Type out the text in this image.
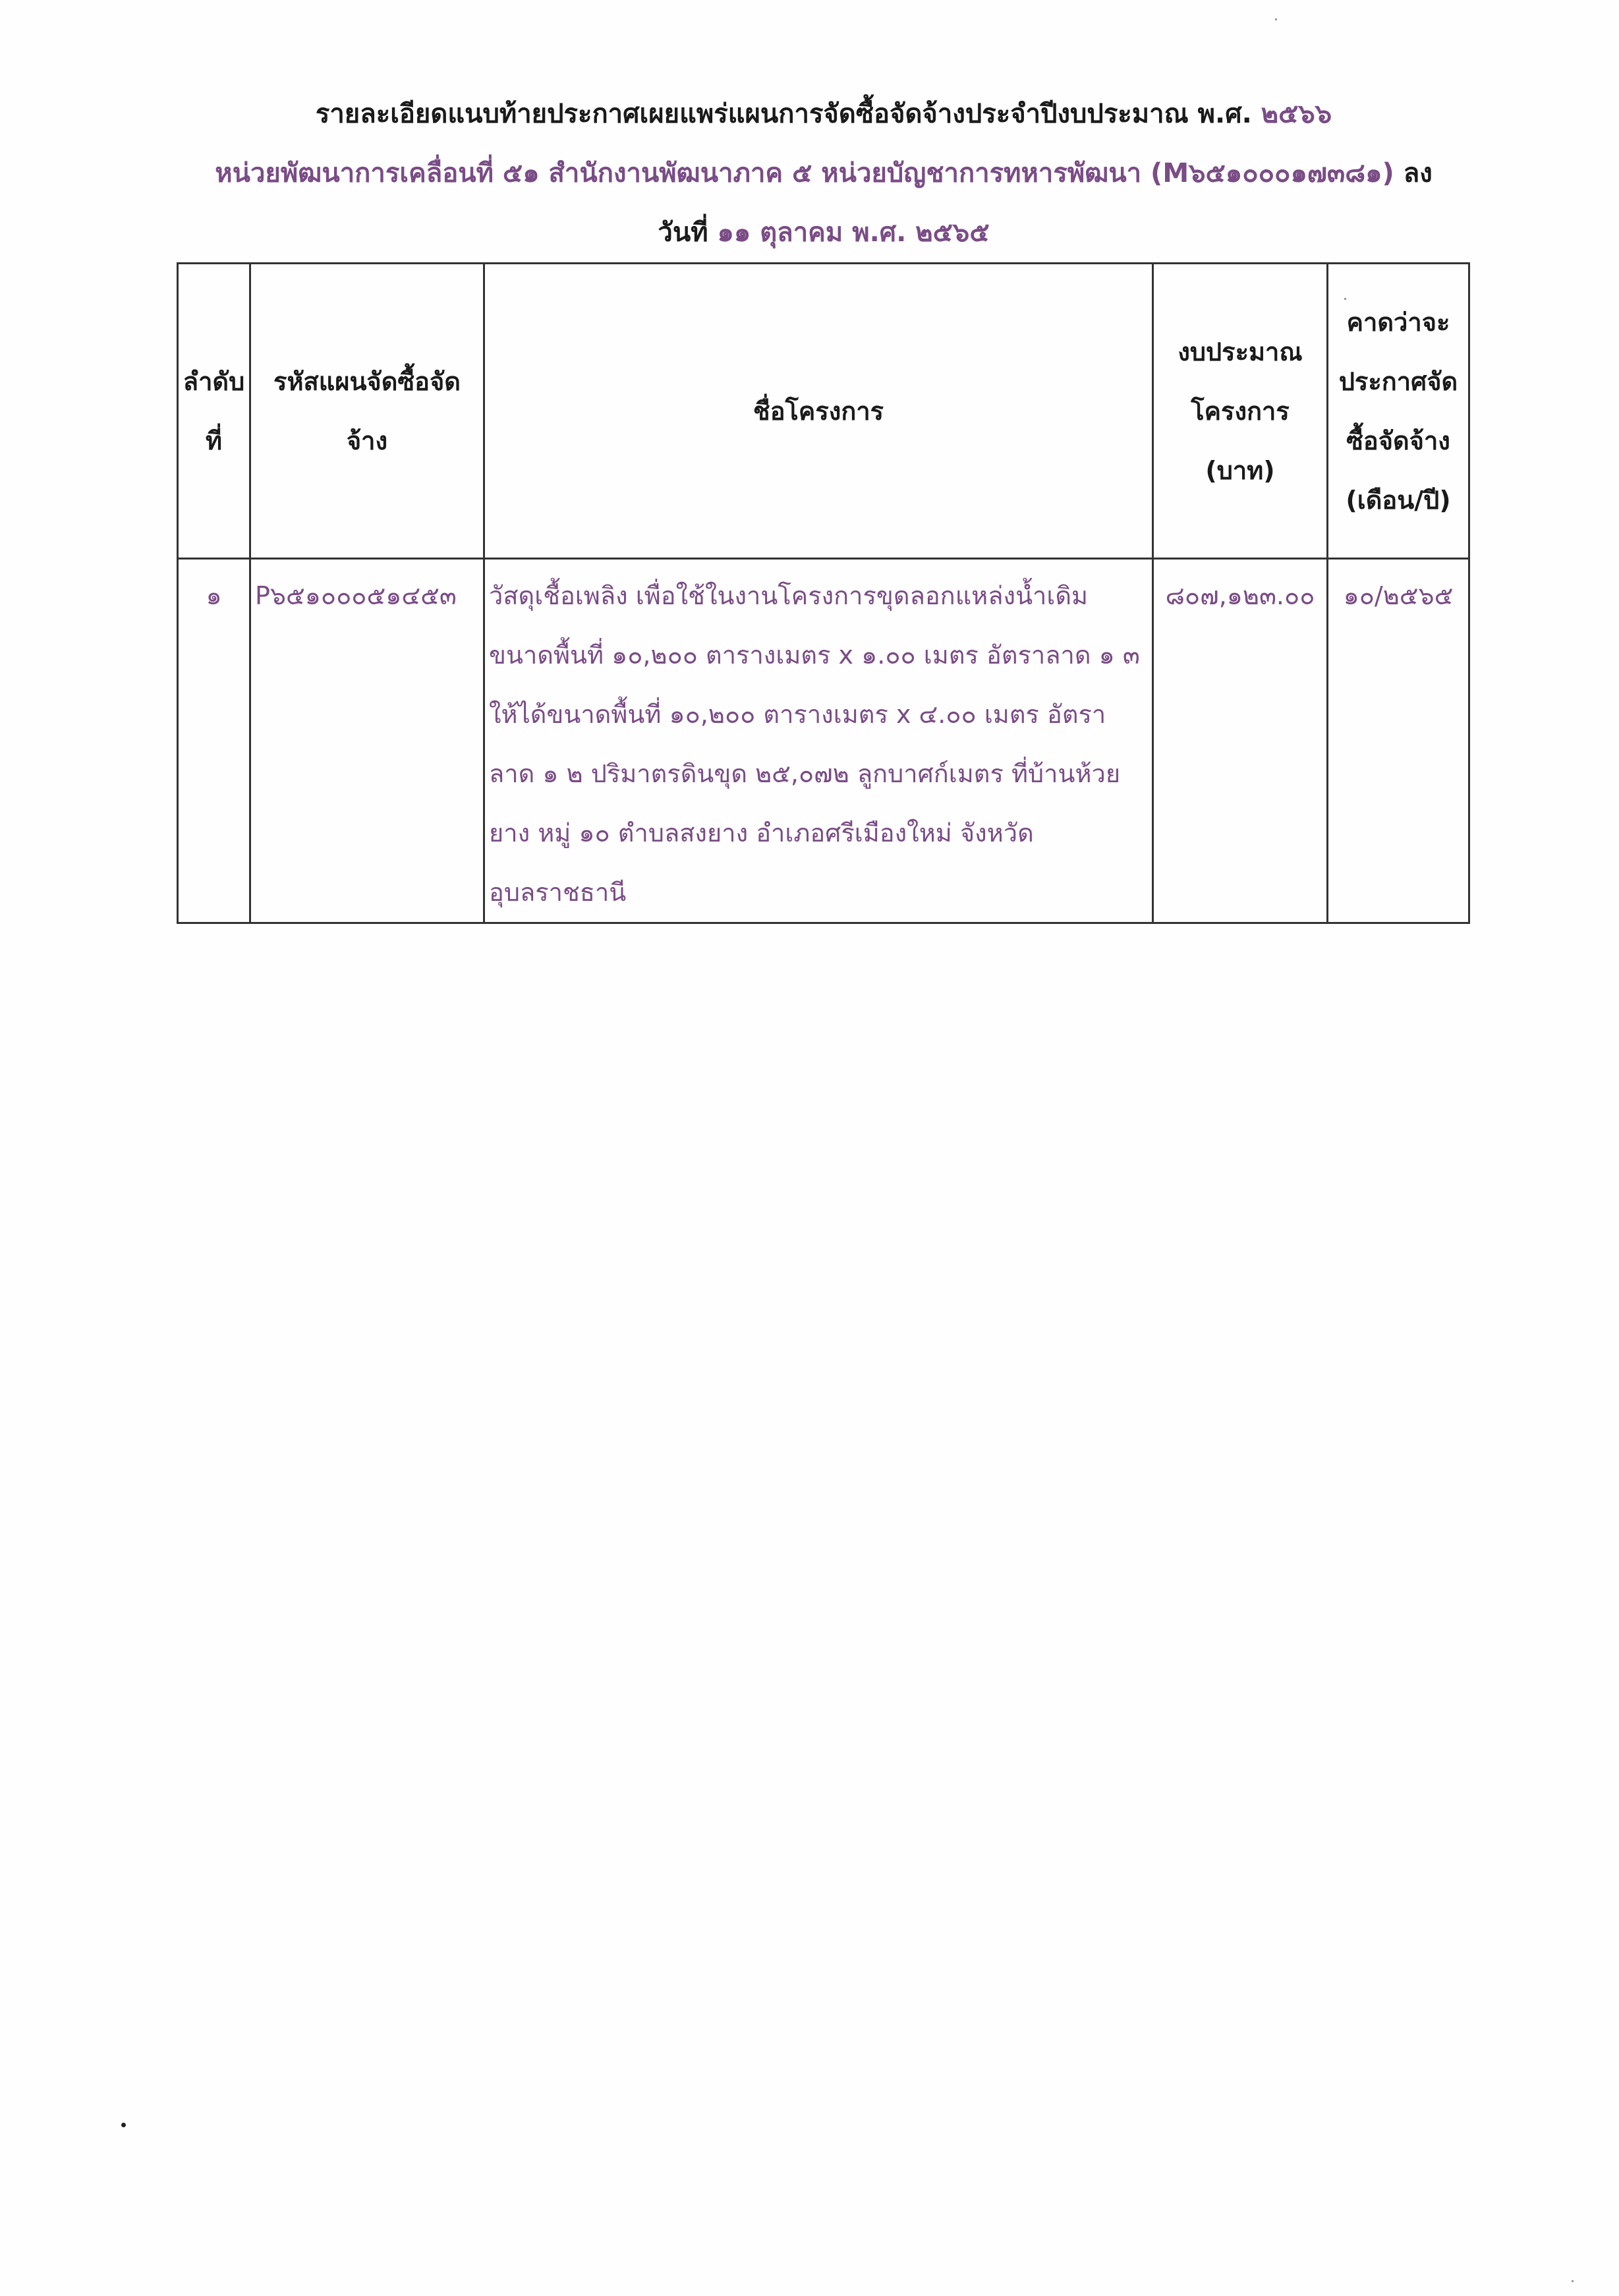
รายละเอียดแนบท้ายประกาศเผยแพร่แผนการจัดซื้อจัดจ้างประจำปีงบประมาณ พ.ศ. ๒๕๖๖
หน่วยพัฒนาการเคลื่อนที่ ๕๑ สำนักงานพัฒนาภาค ๕ หน่วยบัญชาการทหารพัฒนา (M๖๕๑๐๐๐๑๗๓๘๑) ลง
วันที่ ๑๑ ตุลาคม พ.ศ. ๒๕๖๕
ลำดับที่	รหัสแผนจัดซื้อจัดจ้าง	ชื่อโครงการ	งบประมาณโครงการ (บาท)	คาดว่าจะประกาศจัดซื้อจัดจ้าง (เดือน/ปี)
๑	P๖๕๑๐๐๐๕๑๔๕๓	วัสดุเชื้อเพลิง เพื่อใช้ในงานโครงการขุดลอกแหล่งน้ำเดิม ขนาดพื้นที่ ๑๐,๒๐๐ ตารางเมตร x ๑.๐๐ เมตร อัตราลาด ๑ ๓ ให้ได้ขนาดพื้นที่ ๑๐,๒๐๐ ตารางเมตร x ๔.๐๐ เมตร อัตราลาด ๑ ๒ ปริมาตรดินขุด ๒๕,๐๗๒ ลูกบาศก์เมตร ที่บ้านห้วยยาง หมู่ ๑๐ ตำบลสงยาง อำเภอศรีเมืองใหม่ จังหวัดอุบลราชธานี	๘๐๗,๑๒๓.๐๐	๑๐/๒๕๖๕
